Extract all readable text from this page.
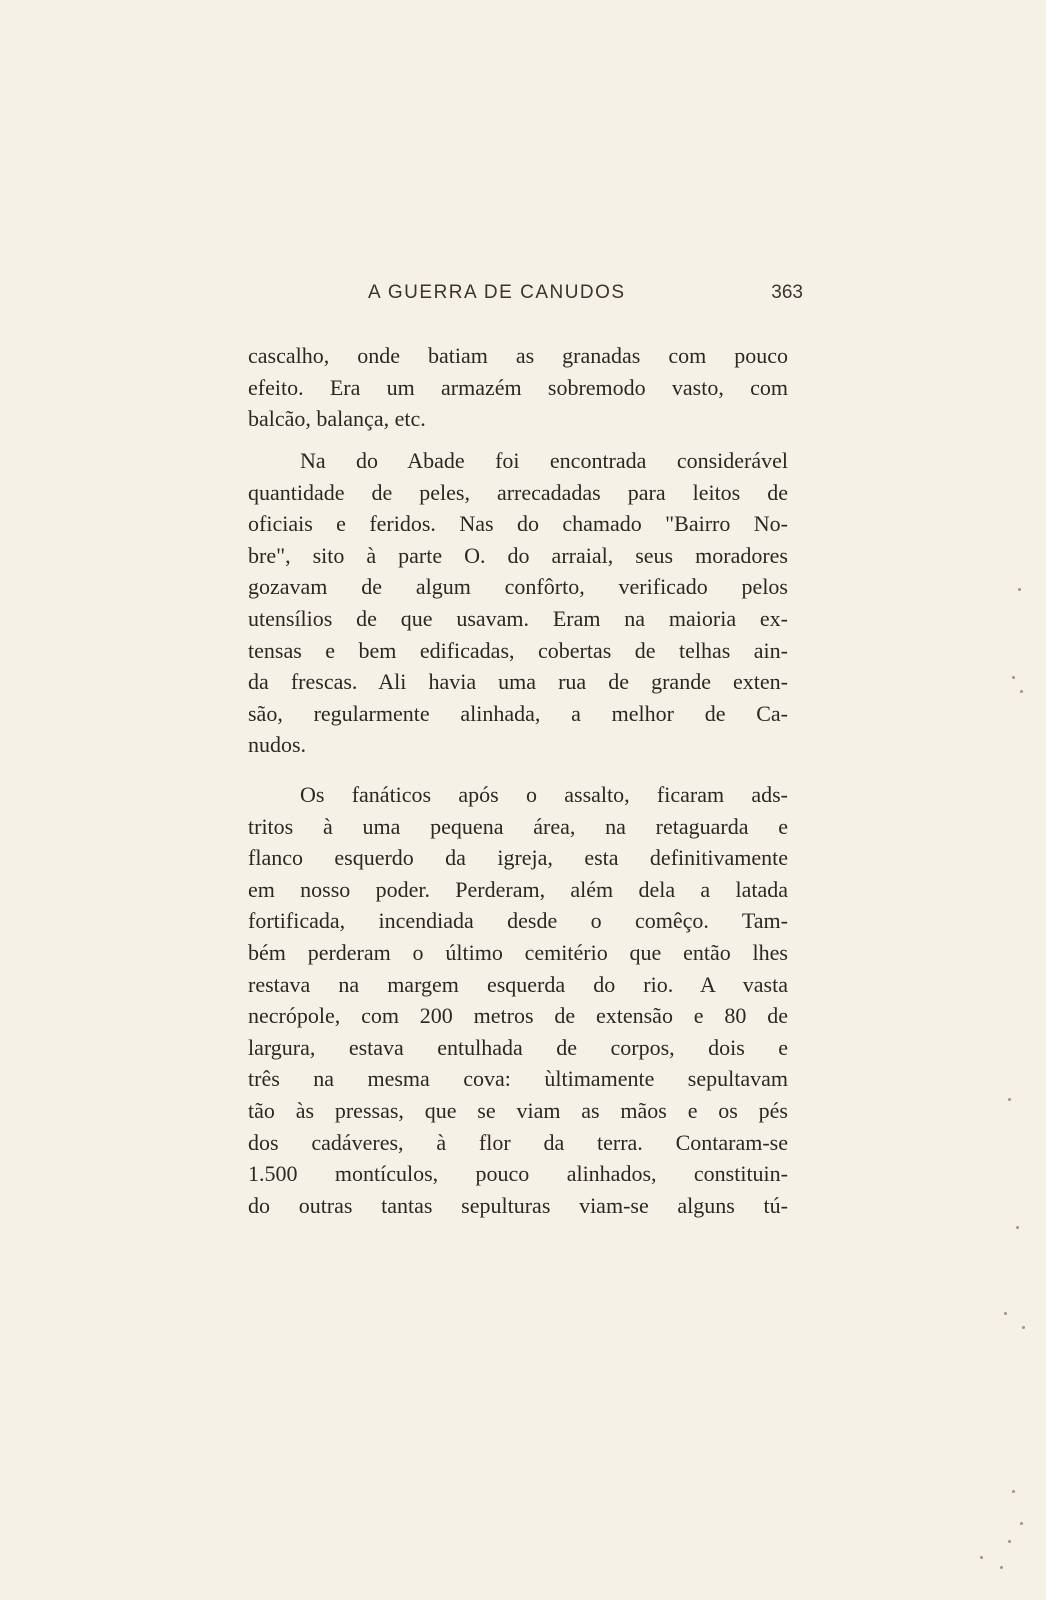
A GUERRA DE CANUDOS	363
cascalho, onde batiam as granadas com pouco
efeito. Era um armazém sobremodo vasto, com
balcão, balança, etc.
Na do Abade foi encontrada considerável
quantidade de peles, arrecadadas para leitos de
oficiais e feridos. Nas do chamado "Bairro No-
bre", sito à parte O. do arraial, seus moradores
gozavam de algum confôrto, verificado pelos
utensílios de que usavam. Eram na maioria ex-
tensas e bem edificadas, cobertas de telhas ain-
da frescas. Ali havia uma rua de grande exten-
são, regularmente alinhada, a melhor de Ca-
nudos.
Os fanáticos após o assalto, ficaram ads-
tritos à uma pequena área, na retaguarda e
flanco esquerdo da igreja, esta definitivamente
em nosso poder. Perderam, além dela a latada
fortificada, incendiada desde o comêço. Tam-
bém perderam o último cemitério que então lhes
restava na margem esquerda do rio. A vasta
necrópole, com 200 metros de extensão e 80 de
largura, estava entulhada de corpos, dois e
três na mesma cova: ùltimamente sepultavam
tão às pressas, que se viam as mãos e os pés
dos cadáveres, à flor da terra. Contaram-se
1.500 montículos, pouco alinhados, constituin-
do outras tantas sepulturas viam-se alguns tú-
